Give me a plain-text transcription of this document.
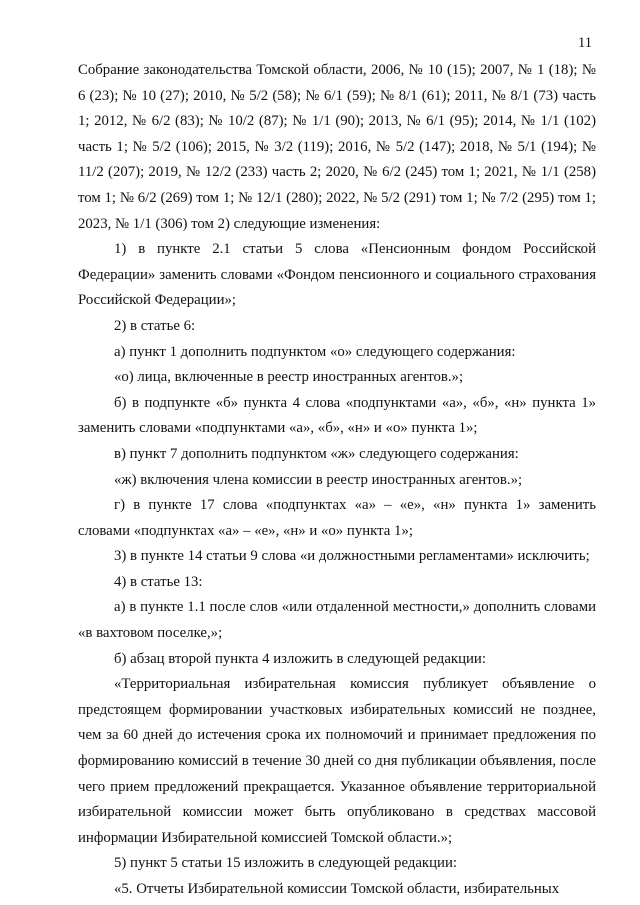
11

Собрание законодательства Томской области, 2006, № 10 (15); 2007, № 1 (18); № 6 (23); № 10 (27); 2010, № 5/2 (58); № 6/1 (59); № 8/1 (61); 2011, № 8/1 (73) часть 1; 2012, № 6/2 (83); № 10/2 (87); № 1/1 (90); 2013, № 6/1 (95); 2014, № 1/1 (102) часть 1; № 5/2 (106); 2015, № 3/2 (119); 2016, № 5/2 (147); 2018, № 5/1 (194); № 11/2 (207); 2019, № 12/2 (233) часть 2; 2020, № 6/2 (245) том 1; 2021, № 1/1 (258) том 1; № 6/2 (269) том 1; № 12/1 (280); 2022, № 5/2 (291) том 1; № 7/2 (295) том 1; 2023, № 1/1 (306) том 2) следующие изменения:

1) в пункте 2.1 статьи 5 слова «Пенсионным фондом Российской Федерации» заменить словами «Фондом пенсионного и социального страхования Российской Федерации»;

2) в статье 6:

а) пункт 1 дополнить подпунктом «о» следующего содержания:

«о) лица, включенные в реестр иностранных агентов.»;

б) в подпункте «б» пункта 4 слова «подпунктами «а», «б», «н» пункта 1» заменить словами «подпунктами «а», «б», «н» и «о» пункта 1»;

в) пункт 7 дополнить подпунктом «ж» следующего содержания:

«ж) включения члена комиссии в реестр иностранных агентов.»;

г) в пункте 17 слова «подпунктах «а» – «е», «н» пункта 1» заменить словами «подпунктах «а» – «е», «н» и «о» пункта 1»;

3) в пункте 14 статьи 9 слова «и должностными регламентами» исключить;

4) в статье 13:

а) в пункте 1.1 после слов «или отдаленной местности,» дополнить словами «в вахтовом поселке,»;

б) абзац второй пункта 4 изложить в следующей редакции:

«Территориальная избирательная комиссия публикует объявление о предстоящем формировании участковых избирательных комиссий не позднее, чем за 60 дней до истечения срока их полномочий и принимает предложения по формированию комиссий в течение 30 дней со дня публикации объявления, после чего прием предложений прекращается. Указанное объявление территориальной избирательной комиссии может быть опубликовано в средствах массовой информации Избирательной комиссией Томской области.»;

5) пункт 5 статьи 15 изложить в следующей редакции:

«5. Отчеты Избирательной комиссии Томской области, избирательных
